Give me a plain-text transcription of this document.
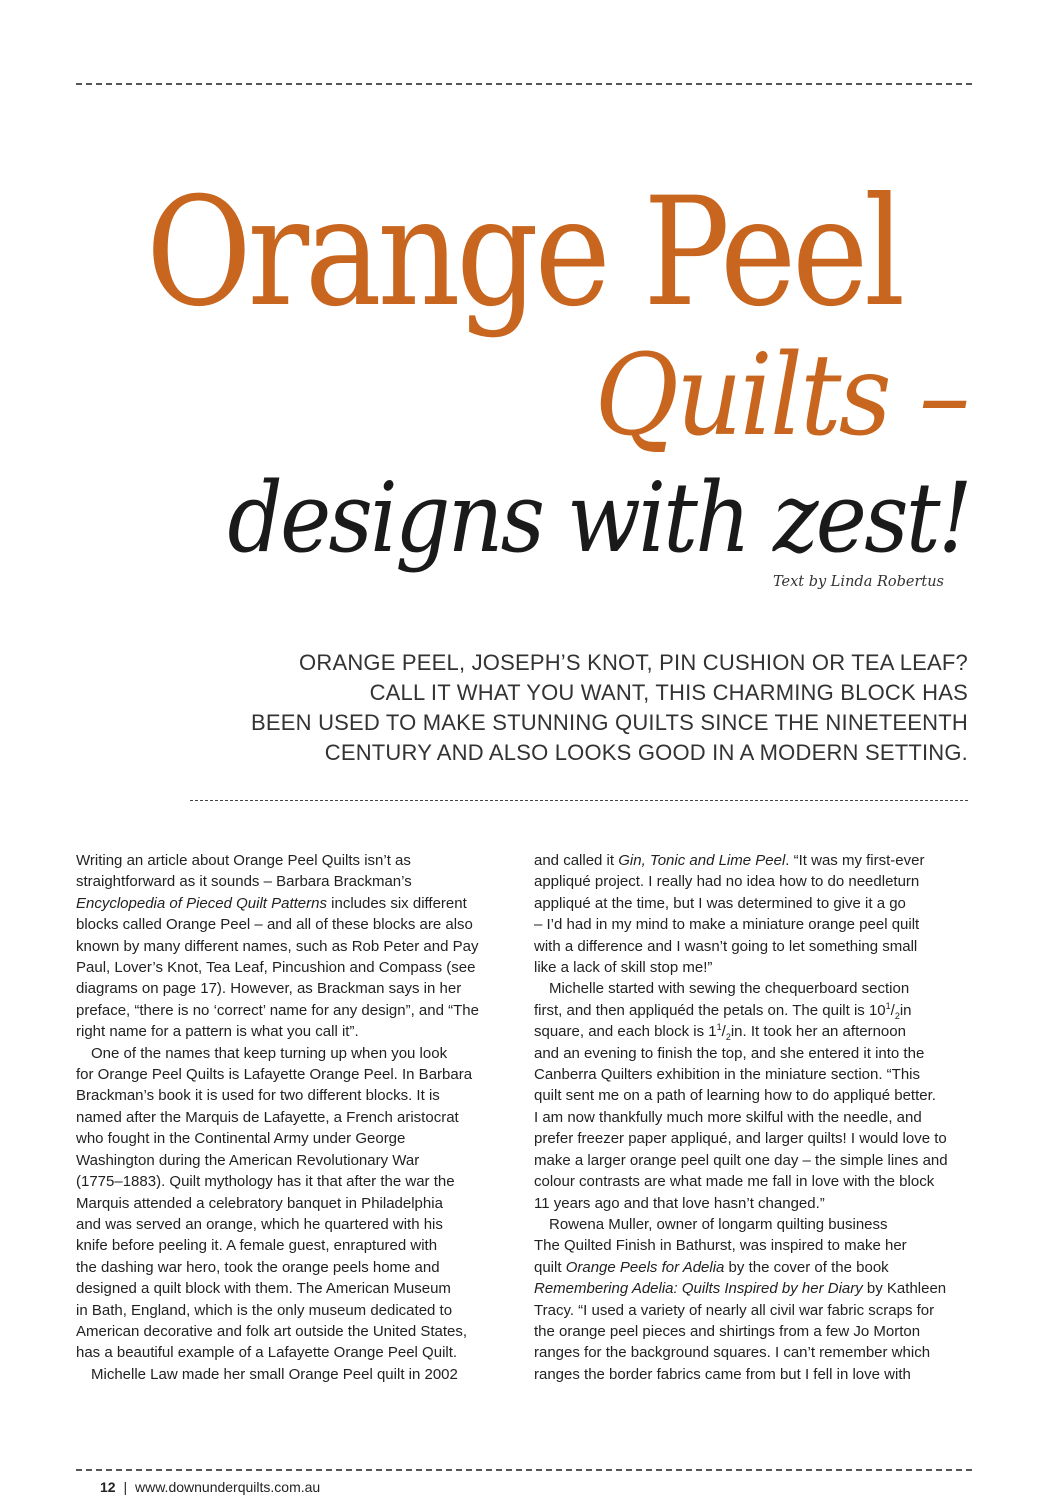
Orange Peel
Quilts –
designs with zest!
Text by Linda Robertus
ORANGE PEEL, JOSEPH’S KNOT, PIN CUSHION OR TEA LEAF?
CALL IT WHAT YOU WANT, THIS CHARMING BLOCK HAS
BEEN USED TO MAKE STUNNING QUILTS SINCE THE NINETEENTH
CENTURY AND ALSO LOOKS GOOD IN A MODERN SETTING.
Writing an article about Orange Peel Quilts isn’t as
straightforward as it sounds – Barbara Brackman’s
Encyclopedia of Pieced Quilt Patterns includes six different
blocks called Orange Peel – and all of these blocks are also
known by many different names, such as Rob Peter and Pay
Paul, Lover’s Knot, Tea Leaf, Pincushion and Compass (see
diagrams on page 17). However, as Brackman says in her
preface, “there is no ‘correct’ name for any design”, and “The
right name for a pattern is what you call it”.
One of the names that keep turning up when you look
for Orange Peel Quilts is Lafayette Orange Peel. In Barbara
Brackman’s book it is used for two different blocks. It is
named after the Marquis de Lafayette, a French aristocrat
who fought in the Continental Army under George
Washington during the American Revolutionary War
(1775–1883). Quilt mythology has it that after the war the
Marquis attended a celebratory banquet in Philadelphia
and was served an orange, which he quartered with his
knife before peeling it. A female guest, enraptured with
the dashing war hero, took the orange peels home and
designed a quilt block with them. The American Museum
in Bath, England, which is the only museum dedicated to
American decorative and folk art outside the United States,
has a beautiful example of a Lafayette Orange Peel Quilt.
Michelle Law made her small Orange Peel quilt in 2002
and called it Gin, Tonic and Lime Peel. “It was my first-ever
appliqué project. I really had no idea how to do needleturn
appliqué at the time, but I was determined to give it a go
– I’d had in my mind to make a miniature orange peel quilt
with a difference and I wasn’t going to let something small
like a lack of skill stop me!”
Michelle started with sewing the chequerboard section
first, and then appliquéd the petals on. The quilt is $10^1/_2in$
square, and each block is $1^1/_2in$. It took her an afternoon
and an evening to finish the top, and she entered it into the
Canberra Quilters exhibition in the miniature section. “This
quilt sent me on a path of learning how to do appliqué better.
I am now thankfully much more skilful with the needle, and
prefer freezer paper appliqué, and larger quilts! I would love to
make a larger orange peel quilt one day – the simple lines and
colour contrasts are what made me fall in love with the block
11 years ago and that love hasn’t changed.”
Rowena Muller, owner of longarm quilting business
The Quilted Finish in Bathurst, was inspired to make her
quilt Orange Peels for Adelia by the cover of the book
Remembering Adelia: Quilts Inspired by her Diary by Kathleen
Tracy. “I used a variety of nearly all civil war fabric scraps for
the orange peel pieces and shirtings from a few Jo Morton
ranges for the background squares. I can’t remember which
ranges the border fabrics came from but I fell in love with
12 | www.downunderquilts.com.au
